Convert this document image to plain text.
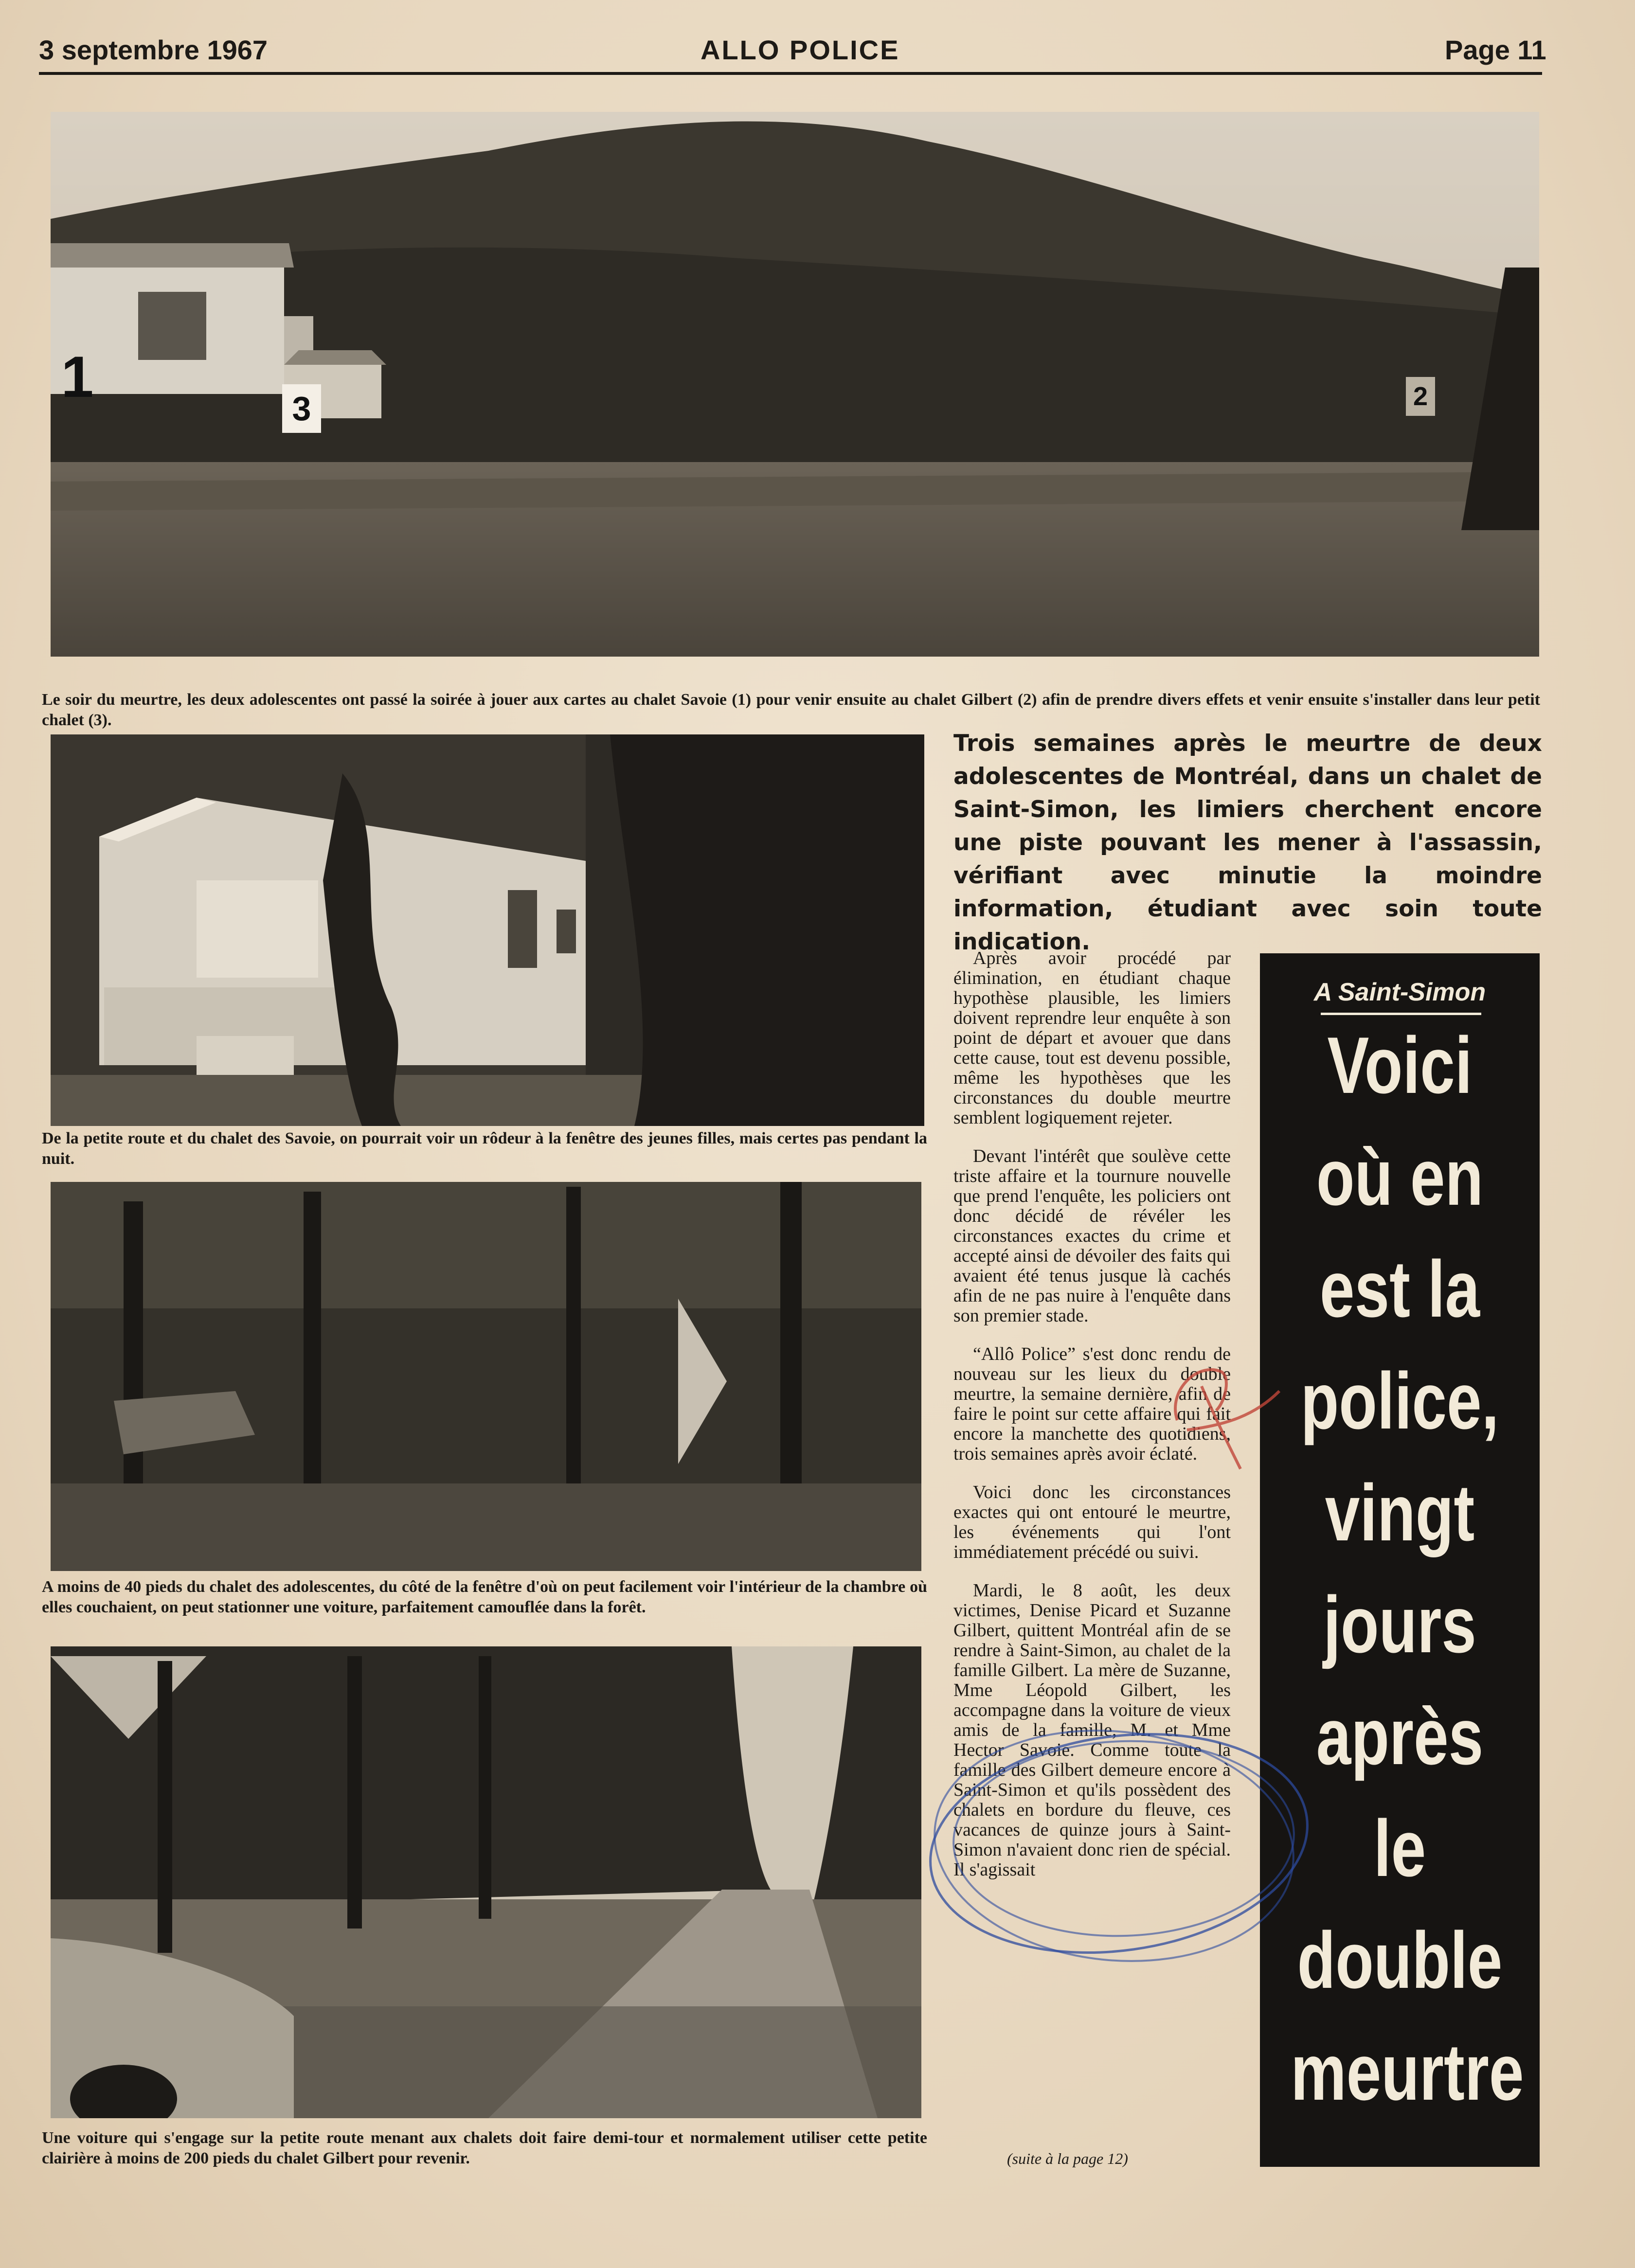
3 septembre 1967	ALLO POLICE	Page 11
1	3	2
Le soir du meurtre, les deux adolescentes ont passé la soirée à jouer aux cartes au chalet Savoie (1) pour venir ensuite au chalet Gilbert (2) afin de prendre divers effets et venir ensuite s'installer dans leur petit chalet (3).
De la petite route et du chalet des Savoie, on pourrait voir un rôdeur à la fenêtre des jeunes filles, mais certes pas pendant la nuit.
A moins de 40 pieds du chalet des adolescentes, du côté de la fenêtre d'où on peut facilement voir l'intérieur de la chambre où elles couchaient, on peut stationner une voiture, parfaitement camouflée dans la forêt.
Une voiture qui s'engage sur la petite route menant aux chalets doit faire demi-tour et normalement utiliser cette petite clairière à moins de 200 pieds du chalet Gilbert pour revenir.
Trois semaines après le meurtre de deux adolescentes de Montréal, dans un chalet de Saint-Simon, les limiers cherchent encore une piste pouvant les mener à l'assassin, vérifiant avec minutie la moindre information, étudiant avec soin toute indication.

Après avoir procédé par élimination, en étudiant chaque hypothèse plausible, les limiers doivent reprendre leur enquête à son point de départ et avouer que dans cette cause, tout est devenu possible, même les hypothèses que les circonstances du double meurtre semblent logiquement rejeter.

Devant l'intérêt que soulève cette triste affaire et la tournure nouvelle que prend l'enquête, les policiers ont donc décidé de révéler les circonstances exactes du crime et accepté ainsi de dévoiler des faits qui avaient été tenus jusque là cachés afin de ne pas nuire à l'enquête dans son premier stade.

“Allô Police” s'est donc rendu de nouveau sur les lieux du double meurtre, la semaine dernière, afin de faire le point sur cette affaire qui fait encore la manchette des quotidiens, trois semaines après avoir éclaté.

Voici donc les circonstances exactes qui ont entouré le meurtre, les événements qui l'ont immédiatement précédé ou suivi.

Mardi, le 8 août, les deux victimes, Denise Picard et Suzanne Gilbert, quittent Montréal afin de se rendre à Saint-Simon, au chalet de la famille Gilbert. La mère de Suzanne, Mme Léopold Gilbert, les accompagne dans la voiture de vieux amis de la famille, M. et Mme Hector Savoie. Comme toute la famille des Gilbert demeure encore à Saint-Simon et qu'ils possèdent des chalets en bordure du fleuve, ces vacances de quinze jours à Saint-Simon n'avaient donc rien de spécial. Il s'agissait

(suite à la page 12)
A Saint-Simon
Voici
où en
est la
police,
vingt
jours
après
le
double
meurtre
